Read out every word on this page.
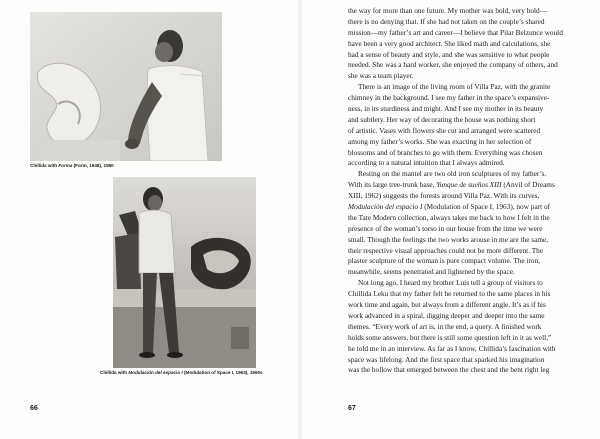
Chillida with Forma (Form, 1948), 1960
Chillida with Modulación del espacio I (Modulation of Space I, 1963), 1960s
66	67
the way for more than one future. My mother was bold, very bold—
there is no denying that. If she had not taken on the couple’s shared
mission—my father’s art and career—I believe that Pilar Belzunce would
have been a very good architect. She liked math and calculations, she
had a sense of beauty and style, and she was sensitive to what people
needed. She was a hard worker, she enjoyed the company of others, and
she was a team player.
There is an image of the living room of Villa Paz, with the granite
chimney in the background. I see my father in the space’s expansive-
ness, in its sturdiness and might. And I see my mother in its beauty
and subtlety. Her way of decorating the house was nothing short
of artistic. Vases with flowers she cut and arranged were scattered
among my father’s works. She was exacting in her selection of
blossoms and of branches to go with them. Everything was chosen
according to a natural intuition that I always admired.
Resting on the mantel are two old iron sculptures of my father’s.
With its large tree-trunk base, Yunque de sueños XIII (Anvil of Dreams
XIII, 1962) suggests the forests around Villa Paz. With its curves,
Modulación del espacio I (Modulation of Space I, 1963), now part of
the Tate Modern collection, always takes me back to how I felt in the
presence of the woman’s torso in our house from the time we were
small. Though the feelings the two works arouse in me are the same,
their respective visual approaches could not be more different. The
plaster sculpture of the woman is pure compact volume. The iron,
meanwhile, seems penetrated and lightened by the space.
Not long ago, I heard my brother Luis tell a group of visitors to
Chillida Leku that my father felt he returned to the same places in his
work time and again, but always from a different angle. It’s as if his
work advanced in a spiral, digging deeper and deeper into the same
themes. “Every work of art is, in the end, a query. A finished work
holds some answers, but there is still some question left in it as well,”
he told me in an interview. As far as I know, Chillida’s fascination with
space was lifelong. And the first space that sparked his imagination
was the hollow that emerged between the chest and the bent right leg
